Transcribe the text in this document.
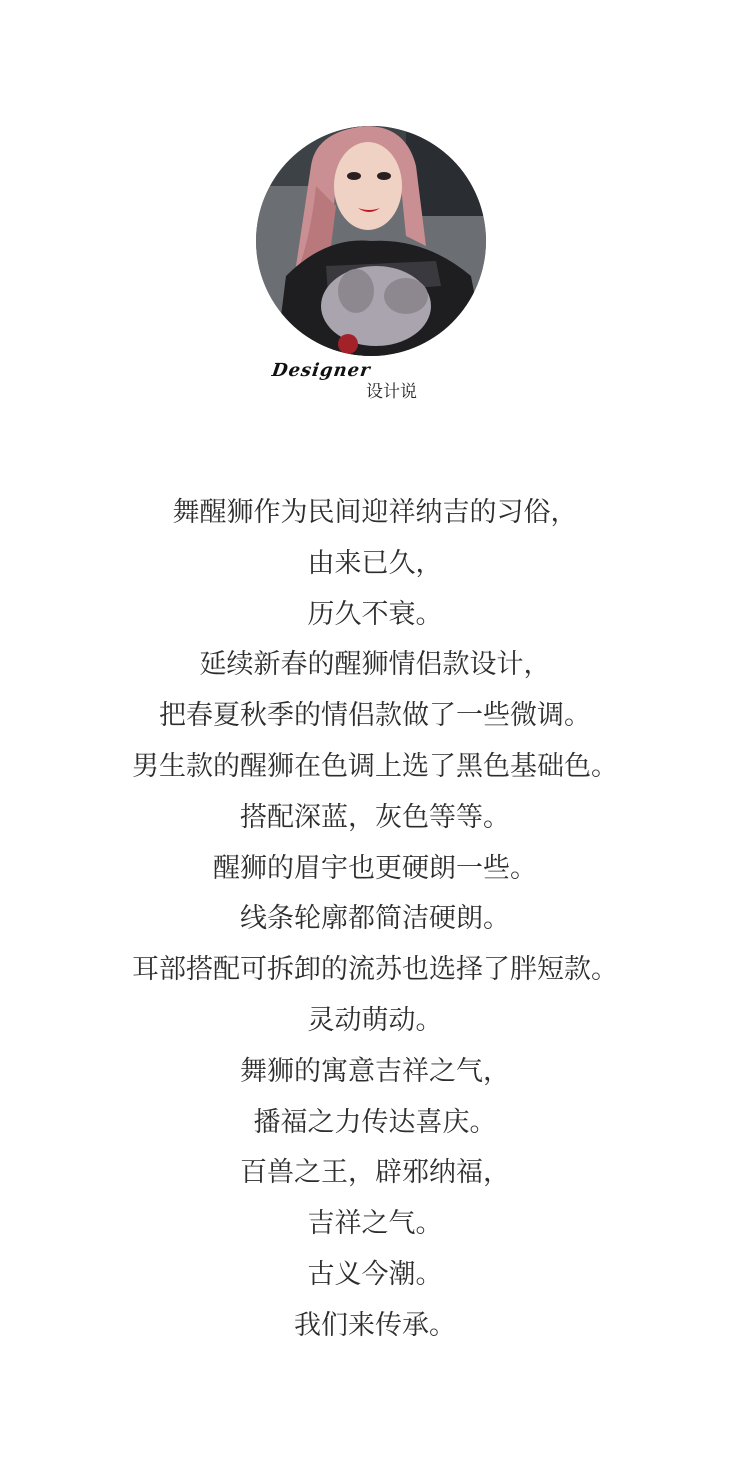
Designer
设计说
舞醒狮作为民间迎祥纳吉的习俗，
由来已久，
历久不衰。
延续新春的醒狮情侣款设计，
把春夏秋季的情侣款做了一些微调。
男生款的醒狮在色调上选了黑色基础色。
搭配深蓝，灰色等等。
醒狮的眉宇也更硬朗一些。
线条轮廓都简洁硬朗。
耳部搭配可拆卸的流苏也选择了胖短款。
灵动萌动。
舞狮的寓意吉祥之气，
播福之力传达喜庆。
百兽之王，辟邪纳福，
吉祥之气。
古义今潮。
我们来传承。
